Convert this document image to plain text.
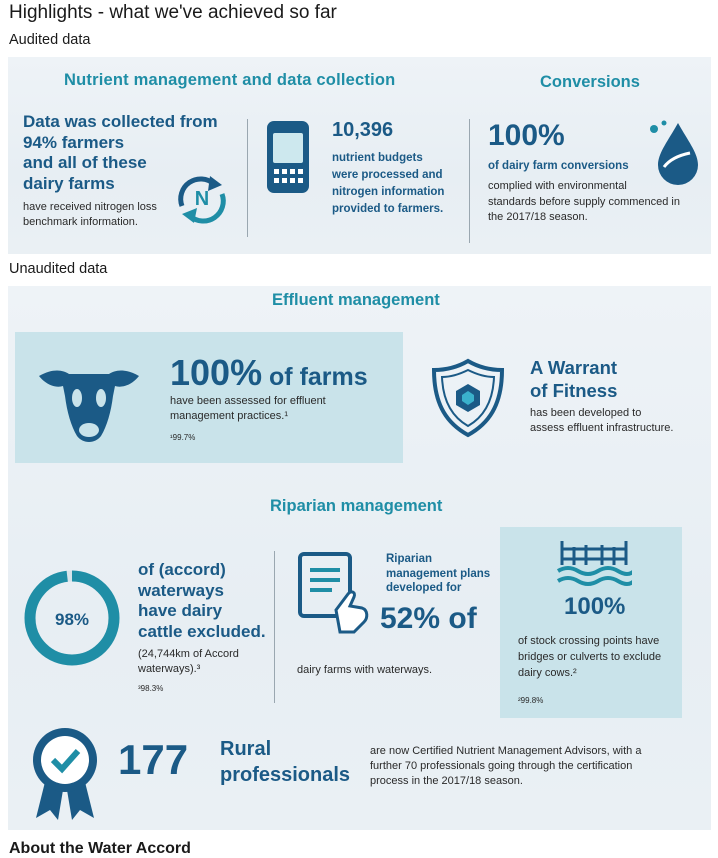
Highlights - what we've achieved so far
Audited data
Nutrient management and data collection	Conversions
Data was collected from
94% farmers
and all of these
dairy farms
have received nitrogen loss
benchmark information.
N
10,396
nutrient budgets
were processed and
nitrogen information
provided to farmers.
100%
of dairy farm conversions
complied with environmental
standards before supply commenced in
the 2017/18 season.
Unaudited data
Effluent management
100% of farms
have been assessed for effluent
management practices.¹
¹99.7%
A Warrant
of Fitness
has been developed to
assess effluent infrastructure.
Riparian management
98%
of (accord)
waterways
have dairy
cattle excluded.
(24,744km of Accord
waterways).³
³98.3%
Riparian
management plans
developed for
52% of
dairy farms with waterways.
100%
of stock crossing points have
bridges or culverts to exclude
dairy cows.²
²99.8%
177 Rural
professionals
are now Certified Nutrient Management Advisors, with a
further 70 professionals going through the certification
process in the 2017/18 season.
About the Water Accord
